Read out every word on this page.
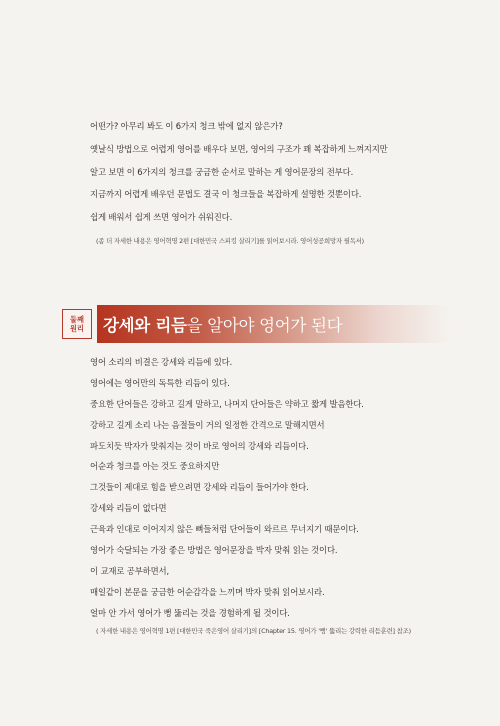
어떤가? 아무리 봐도 이 6가지 청크 밖에 없지 않은가?
옛날식 방법으로 어렵게 영어를 배우다 보면, 영어의 구조가 꽤 복잡하게 느껴지지만
알고 보면 이 6가지의 청크를 궁금한 순서로 말하는 게 영어문장의 전부다.
지금까지 어렵게 배우던 문법도 결국 이 청크들을 복잡하게 설명한 것뿐이다.
쉽게 배워서 쉽게 쓰면 영어가 쉬워진다.
(좀 더 자세한 내용은 영어혁명 2편 [대한민국 스피킹 살리기]를 읽어보시라. 영어성공희망자 필독서)
둘째
원리 강세와 리듬을 알아야 영어가 된다
영어 소리의 비결은 강세와 리듬에 있다.
영어에는 영어만의 독특한 리듬이 있다.
중요한 단어들은 강하고 길게 말하고, 나머지 단어들은 약하고 짧게 발음한다.
강하고 길게 소리 나는 음절들이 거의 일정한 간격으로 말해지면서
파도치듯 박자가 맞춰지는 것이 바로 영어의 강세와 리듬이다.
어순과 청크를 아는 것도 중요하지만
그것들이 제대로 힘을 받으려면 강세와 리듬이 들어가야 한다.
강세와 리듬이 없다면
근육과 인대로 이어지지 않은 뼈들처럼 단어들이 와르르 무너지기 때문이다.
영어가 숙달되는 가장 좋은 방법은 영어문장을 박자 맞춰 읽는 것이다.
이 교재로 공부하면서,
매일같이 본문을 궁금한 어순감각을 느끼며 박자 맞춰 읽어보시라.
얼마 안 가서 영어가 뻥 뚫리는 것을 경험하게 될 것이다.
( 자세한 내용은 영어혁명 1편 [대한민국 죽은영어 살리기]의 [Chapter 15. 영어가 '뻥' 뚫리는 강력한 리듬훈련] 참조)
